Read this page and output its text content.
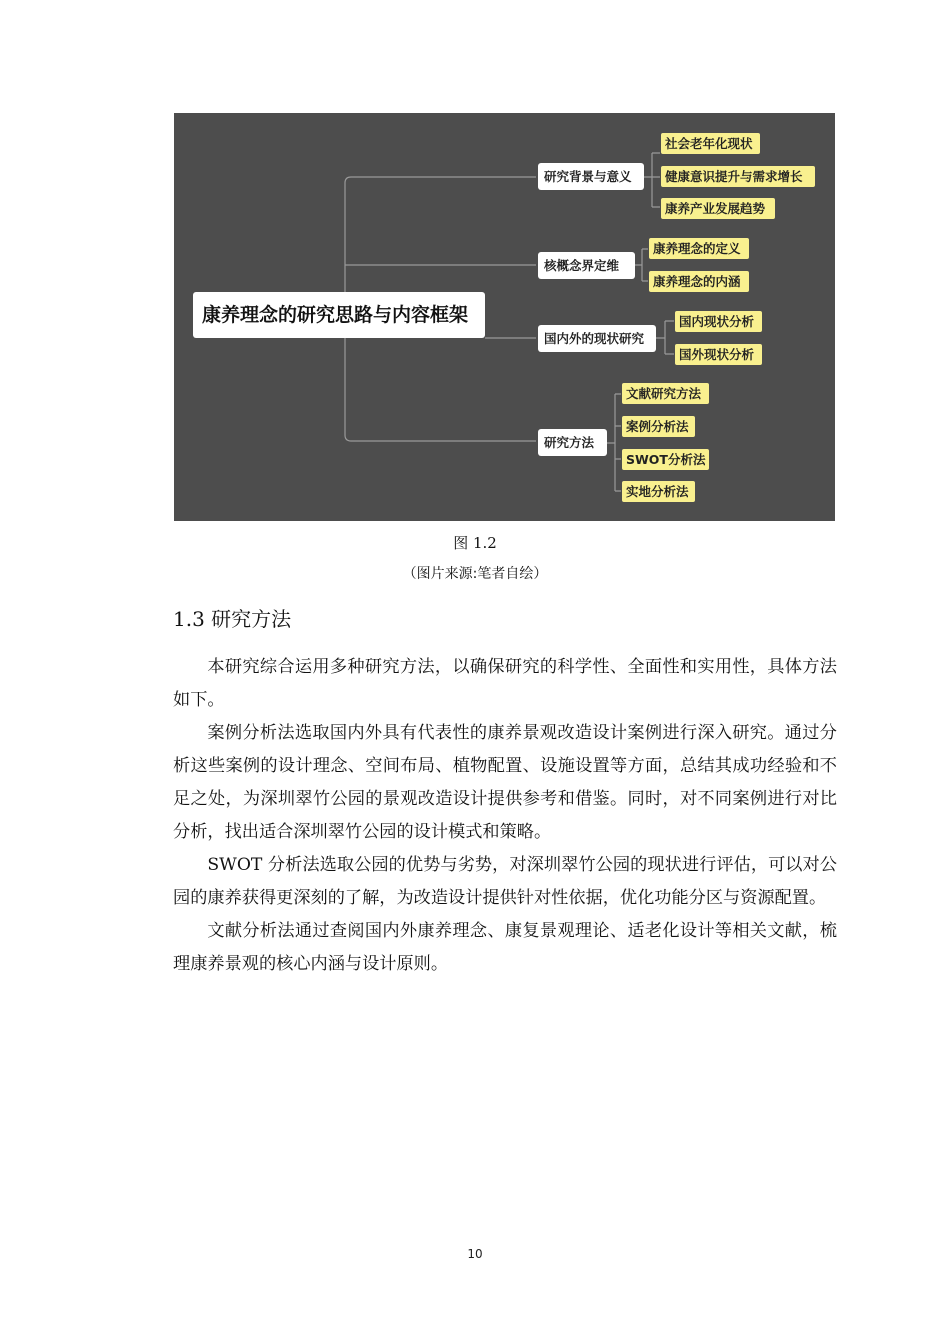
康养理念的研究思路与内容框架
研究背景与意义
社会老年化现状
健康意识提升与需求增长
康养产业发展趋势
核概念界定维
康养理念的定义
康养理念的内涵
国内外的现状研究
国内现状分析
国外现状分析
研究方法
文献研究方法
案例分析法
SWOT分析法
实地分析法
图 1.2
（图片来源:笔者自绘）
1.3 研究方法

本研究综合运用多种研究方法，以确保研究的科学性、全面性和实用性，具体方法如下。

案例分析法选取国内外具有代表性的康养景观改造设计案例进行深入研究。通过分析这些案例的设计理念、空间布局、植物配置、设施设置等方面，总结其成功经验和不足之处，为深圳翠竹公园的景观改造设计提供参考和借鉴。同时，对不同案例进行对比分析，找出适合深圳翠竹公园的设计模式和策略。

SWOT 分析法选取公园的优势与劣势，对深圳翠竹公园的现状进行评估，可以对公园的康养获得更深刻的了解，为改造设计提供针对性依据，优化功能分区与资源配置。

文献分析法通过查阅国内外康养理念、康复景观理论、适老化设计等相关文献，梳理康养景观的核心内涵与设计原则。

10
